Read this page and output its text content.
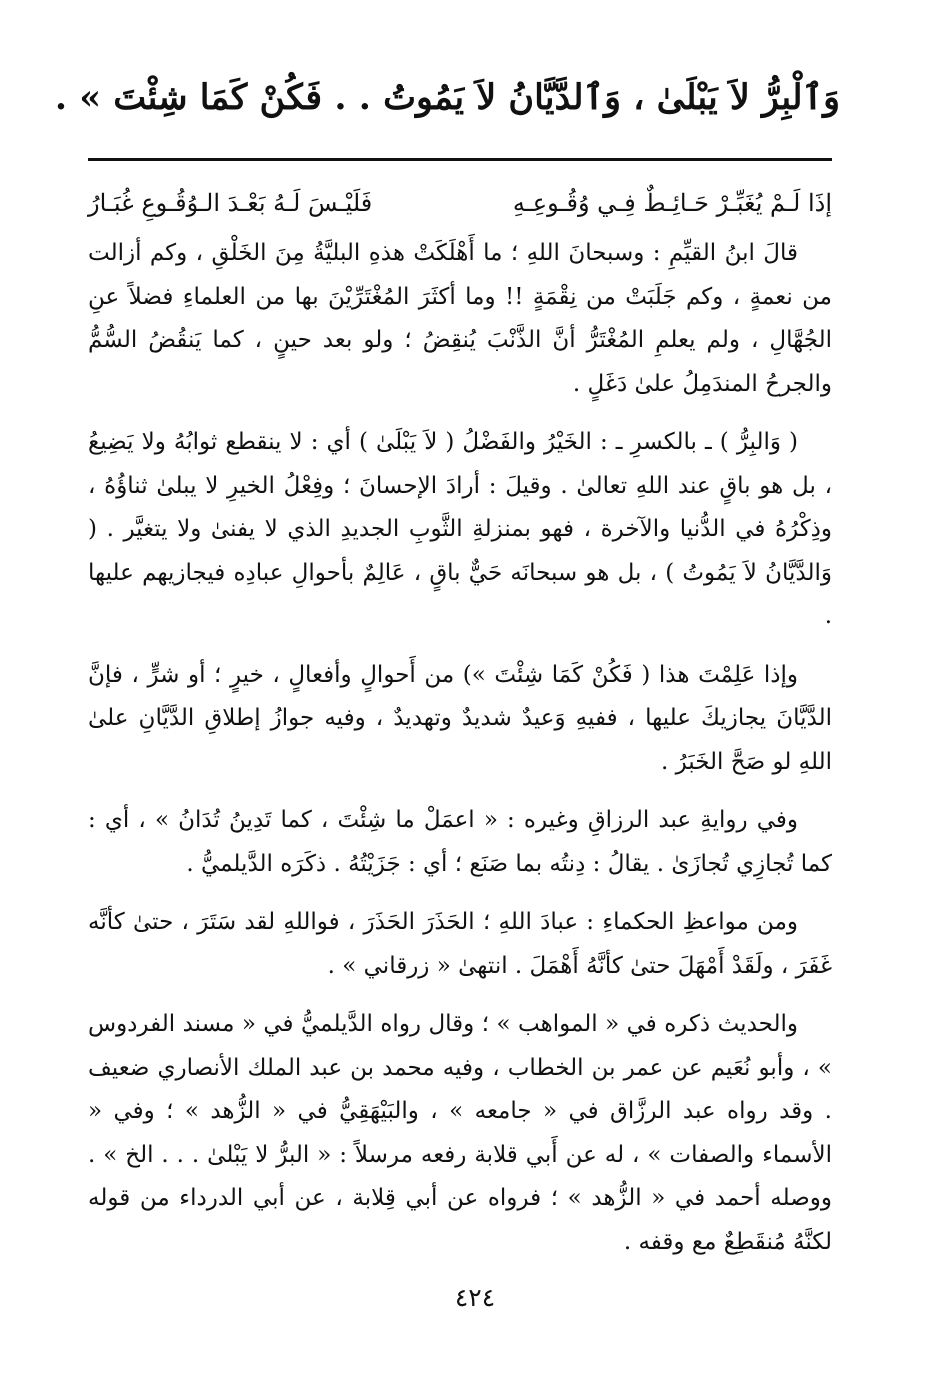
وَٱلْبِرُّ لاَ يَبْلَىٰ ، وَٱلدَّيَّانُ لاَ يَمُوتُ . . فَكُنْ كَمَا شِئْتَ » .
إذَا لَـمْ يُغَبِّـرْ حَـائِـطٌ فِـي وُقُـوعِـهِ
فَلَيْـسَ لَـهُ بَعْـدَ الـوُقُـوعِ غُبَـارُ

قالَ ابنُ القيِّمِ : وسبحانَ اللهِ ؛ ما أَهْلَكَتْ هذهِ البليَّةُ مِنَ الخَلْقِ ، وكم أزالت من نعمةٍ ، وكم جَلَبَتْ من نِقْمَةٍ !! وما أكثَرَ المُغْتَرِّيْنَ بها من العلماءِ فضلاً عنِ الجُهَّالِ ، ولم يعلمِ المُغْتَرُّ أنَّ الذَّنْبَ يُنقِضُ ؛ ولو بعد حينٍ ، كما يَنقُضُ السُّمُّ والجرحُ المندَمِلُ علىٰ دَغَلٍ .

( وَالبِرُّ ) ـ بالكسرِ ـ : الخَيْرُ والفَضْلُ ( لاَ يَبْلَىٰ ) أي : لا ينقطع ثوابُهُ ولا يَضِيعُ ، بل هو باقٍ عند اللهِ تعالىٰ . وقيلَ : أرادَ الإحسانَ ؛ وفِعْلُ الخيرِ لا يبلىٰ ثناؤُهُ ، وذِكْرُهُ في الدُّنيا والآخرة ، فهو بمنزلةِ الثَّوبِ الجديدِ الذي لا يفنىٰ ولا يتغيَّر . ( وَالدَّيَّانُ لاَ يَمُوتُ ) ، بل هو سبحانَه حَيٌّ باقٍ ، عَالِمٌ بأحوالِ عبادِه فيجازيهم عليها .

وإذا عَلِمْتَ هذا ( فَكُنْ كَمَا شِئْتَ ») من أَحوالٍ وأفعالٍ ، خيرٍ ؛ أو شرٍّ ، فإنَّ الدَّيَّانَ يجازيكَ عليها ، ففيهِ وَعيدٌ شديدٌ وتهديدٌ ، وفيه جوازُ إطلاقِ الدَّيَّانِ علىٰ اللهِ لو صَحَّ الخَبَرُ .

وفي روايةِ عبد الرزاقِ وغيره : « اعمَلْ ما شِئْتَ ، كما تَدِينُ تُدَانُ » ، أي : كما تُجازِي تُجازَىٰ . يقالُ : دِنتُه بما صَنَع ؛ أي : جَزَيْتُهُ . ذكَرَه الدَّيلميُّ .

ومن مواعظِ الحكماءِ : عبادَ اللهِ ؛ الحَذَرَ الحَذَرَ ، فواللهِ لقد سَتَرَ ، حتىٰ كأنَّه غَفَرَ ، ولَقَدْ أَمْهَلَ حتىٰ كأنَّهُ أَهْمَلَ . انتهىٰ « زرقاني » .

والحديث ذكره في « المواهب » ؛ وقال رواه الدَّيلميُّ في « مسند الفردوس » ، وأبو نُعَيم عن عمر بن الخطاب ، وفيه محمد بن عبد الملك الأنصاري ضعيف . وقد رواه عبد الرزَّاق في « جامعه » ، والبَيْهَقِيُّ في « الزُّهد » ؛ وفي « الأسماء والصفات » ، له عن أَبي قلابة رفعه مرسلاً : « البرُّ لا يَبْلىٰ . . . الخ » . ووصله أحمد في « الزُّهد » ؛ فرواه عن أبي قِلابة ، عن أبي الدرداء من قوله لكنَّهُ مُنقَطِعٌ مع وقفه .

٤٢٤
